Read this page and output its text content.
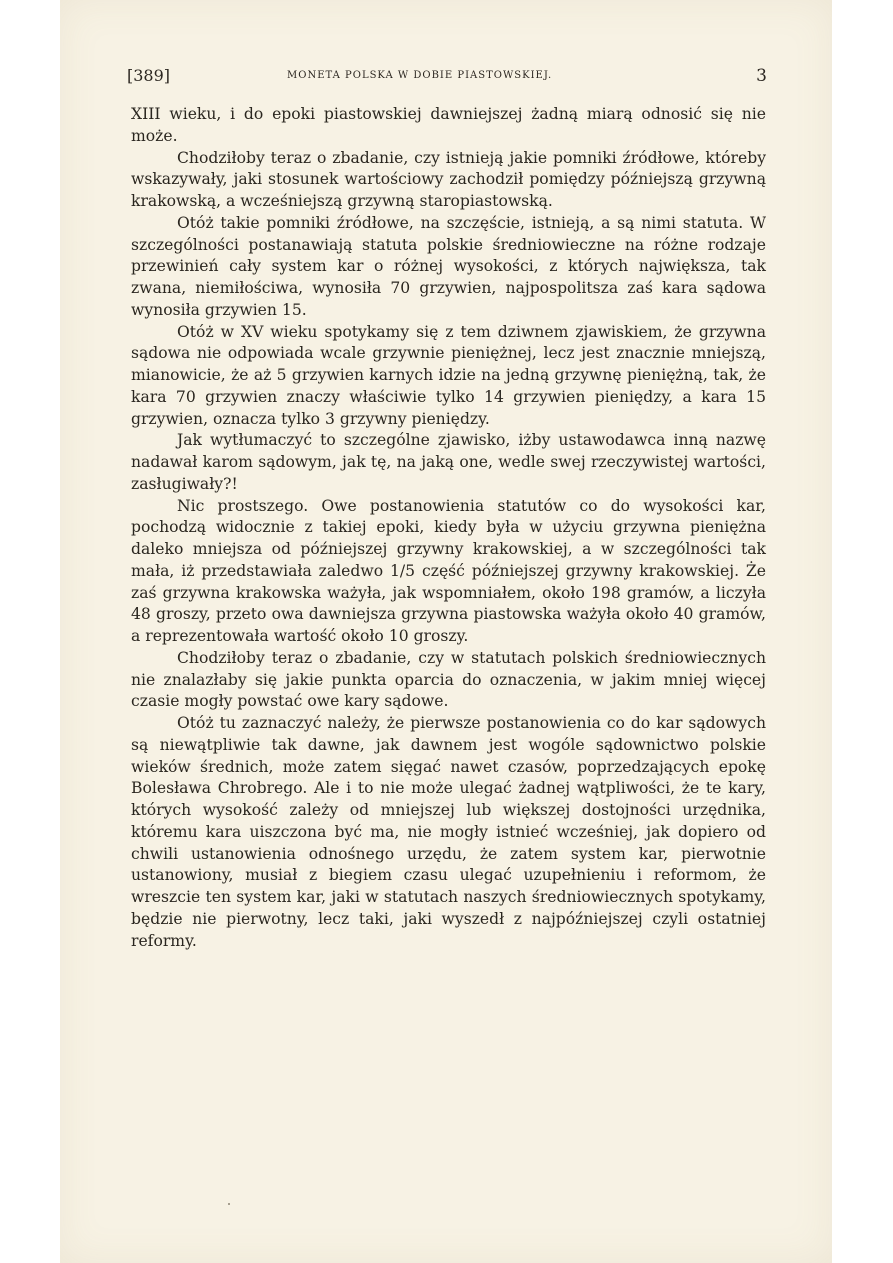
[389]	MONETA POLSKA W DOBIE PIASTOWSKIEJ.	3

XIII wieku, i do epoki piastowskiej dawniejszej żadną miarą odnosić się nie może.

Chodziłoby teraz o zbadanie, czy istnieją jakie pomniki źródłowe, któreby wskazywały, jaki stosunek wartościowy zachodził pomiędzy późniejszą grzywną krakowską, a wcześniejszą grzywną staropiastowską.

Otóż takie pomniki źródłowe, na szczęście, istnieją, a są nimi statuta. W szczególności postanawiają statuta polskie średniowieczne na różne rodzaje przewinień cały system kar o różnej wysokości, z których największa, tak zwana, niemiłościwa, wynosiła 70 grzywien, najpospolitsza zaś kara sądowa wynosiła grzywien 15.

Otóż w XV wieku spotykamy się z tem dziwnem zjawiskiem, że grzywna sądowa nie odpowiada wcale grzywnie pieniężnej, lecz jest znacznie mniejszą, mianowicie, że aż 5 grzywien karnych idzie na jedną grzywnę pieniężną, tak, że kara 70 grzywien znaczy właściwie tylko 14 grzywien pieniędzy, a kara 15 grzywien, oznacza tylko 3 grzywny pieniędzy.

Jak wytłumaczyć to szczególne zjawisko, iżby ustawodawca inną nazwę nadawał karom sądowym, jak tę, na jaką one, wedle swej rzeczywistej wartości, zasługiwały?!

Nic prostszego. Owe postanowienia statutów co do wysokości kar, pochodzą widocznie z takiej epoki, kiedy była w użyciu grzywna pieniężna daleko mniejsza od późniejszej grzywny krakowskiej, a w szczególności tak mała, iż przedstawiała zaledwo 1/5 część późniejszej grzywny krakowskiej. Że zaś grzywna krakowska ważyła, jak wspomniałem, około 198 gramów, a liczyła 48 groszy, przeto owa dawniejsza grzywna piastowska ważyła około 40 gramów, a reprezentowała wartość około 10 groszy.

Chodziłoby teraz o zbadanie, czy w statutach polskich średniowiecznych nie znalazłaby się jakie punkta oparcia do oznaczenia, w jakim mniej więcej czasie mogły powstać owe kary sądowe.

Otóż tu zaznaczyć należy, że pierwsze postanowienia co do kar sądowych są niewątpliwie tak dawne, jak dawnem jest wogóle sądownictwo polskie wieków średnich, może zatem sięgać nawet czasów, poprzedzających epokę Bolesława Chrobrego. Ale i to nie może ulegać żadnej wątpliwości, że te kary, których wysokość zależy od mniejszej lub większej dostojności urzędnika, któremu kara uiszczona być ma, nie mogły istnieć wcześniej, jak dopiero od chwili ustanowienia odnośnego urzędu, że zatem system kar, pierwotnie ustanowiony, musiał z biegiem czasu ulegać uzupełnieniu i reformom, że wreszcie ten system kar, jaki w statutach naszych średniowiecznych spotykamy, będzie nie pierwotny, lecz taki, jaki wyszedł z najpóźniejszej czyli ostatniej reformy.
